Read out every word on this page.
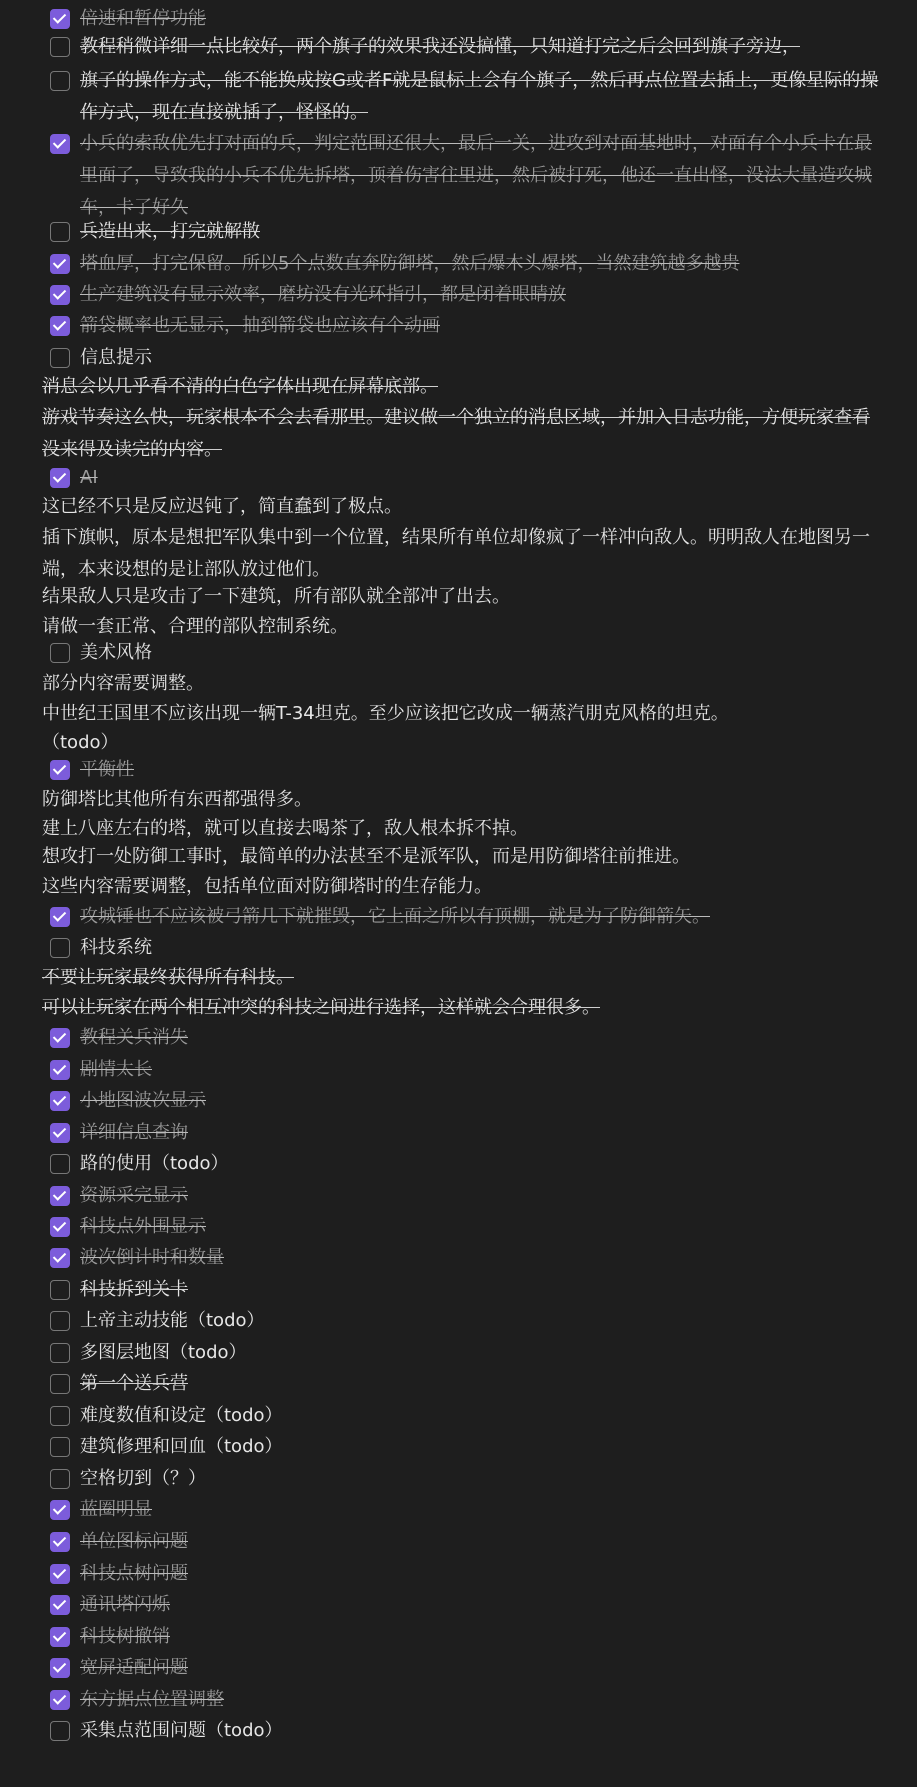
倍速和暂停功能
教程稍微详细一点比较好，两个旗子的效果我还没搞懂，只知道打完之后会回到旗子旁边，
旗子的操作方式，能不能换成按G或者F就是鼠标上会有个旗子，然后再点位置去插上，更像星际的操作方式，现在直接就插了，怪怪的。
小兵的索敌优先打对面的兵，判定范围还很大，最后一关，进攻到对面基地时，对面有个小兵卡在最里面了，导致我的小兵不优先拆塔，顶着伤害往里进，然后被打死，他还一直出怪，没法大量造攻城车，卡了好久
兵造出来，打完就解散
塔血厚，打完保留。所以5个点数直奔防御塔，然后爆木头爆塔，当然建筑越多越贵
生产建筑没有显示效率，磨坊没有光环指引，都是闭着眼睛放
箭袋概率也无显示，抽到箭袋也应该有个动画
信息提示
消息会以几乎看不清的白色字体出现在屏幕底部。
游戏节奏这么快，玩家根本不会去看那里。建议做一个独立的消息区域，并加入日志功能，方便玩家查看没来得及读完的内容。
AI
这已经不只是反应迟钝了，简直蠢到了极点。
插下旗帜，原本是想把军队集中到一个位置，结果所有单位却像疯了一样冲向敌人。明明敌人在地图另一端，本来设想的是让部队放过他们。
结果敌人只是攻击了一下建筑，所有部队就全部冲了出去。
请做一套正常、合理的部队控制系统。
美术风格
部分内容需要调整。
中世纪王国里不应该出现一辆T-34坦克。至少应该把它改成一辆蒸汽朋克风格的坦克。
（todo）
平衡性
防御塔比其他所有东西都强得多。
建上八座左右的塔，就可以直接去喝茶了，敌人根本拆不掉。
想攻打一处防御工事时，最简单的办法甚至不是派军队，而是用防御塔往前推进。
这些内容需要调整，包括单位面对防御塔时的生存能力。
攻城锤也不应该被弓箭几下就摧毁，它上面之所以有顶棚，就是为了防御箭矢。
科技系统
不要让玩家最终获得所有科技。
可以让玩家在两个相互冲突的科技之间进行选择，这样就会合理很多。
教程关兵消失
剧情太长
小地图波次显示
详细信息查询
路的使用（todo）
资源采完显示
科技点外围显示
波次倒计时和数量
科技拆到关卡
上帝主动技能（todo）
多图层地图（todo）
第一个送兵营
难度数值和设定（todo）
建筑修理和回血（todo）
空格切到（？）
蓝圈明显
单位图标问题
科技点树问题
通讯塔闪烁
科技树撤销
宽屏适配问题
东方据点位置调整
采集点范围问题（todo）
